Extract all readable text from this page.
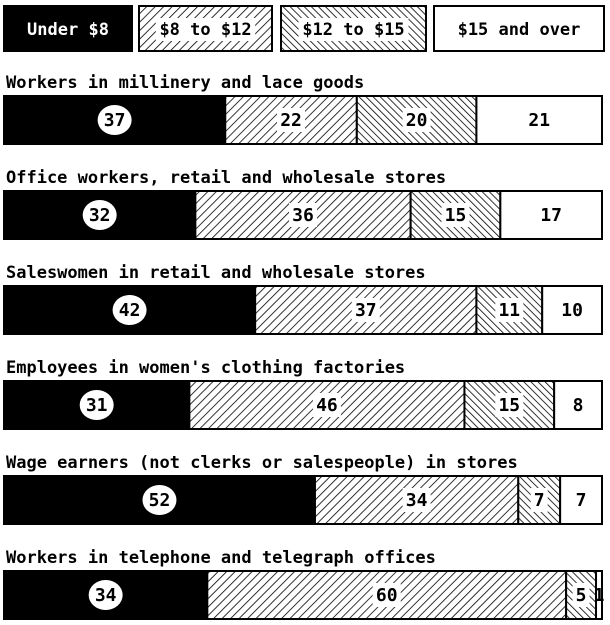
Under $8	$8 to $12	$12 to $15	$15 and over
Workers in millinery and lace goods
37	22	20	21
Office workers, retail and wholesale stores
32	36	15	17
Saleswomen in retail and wholesale stores
42	37	11 10
Employees in women's clothing factories
31	46	15	8
Wage earners (not clerks or salespeople) in stores
52	34	7 7
Workers in telephone and telegraph offices
34	60	5 1
